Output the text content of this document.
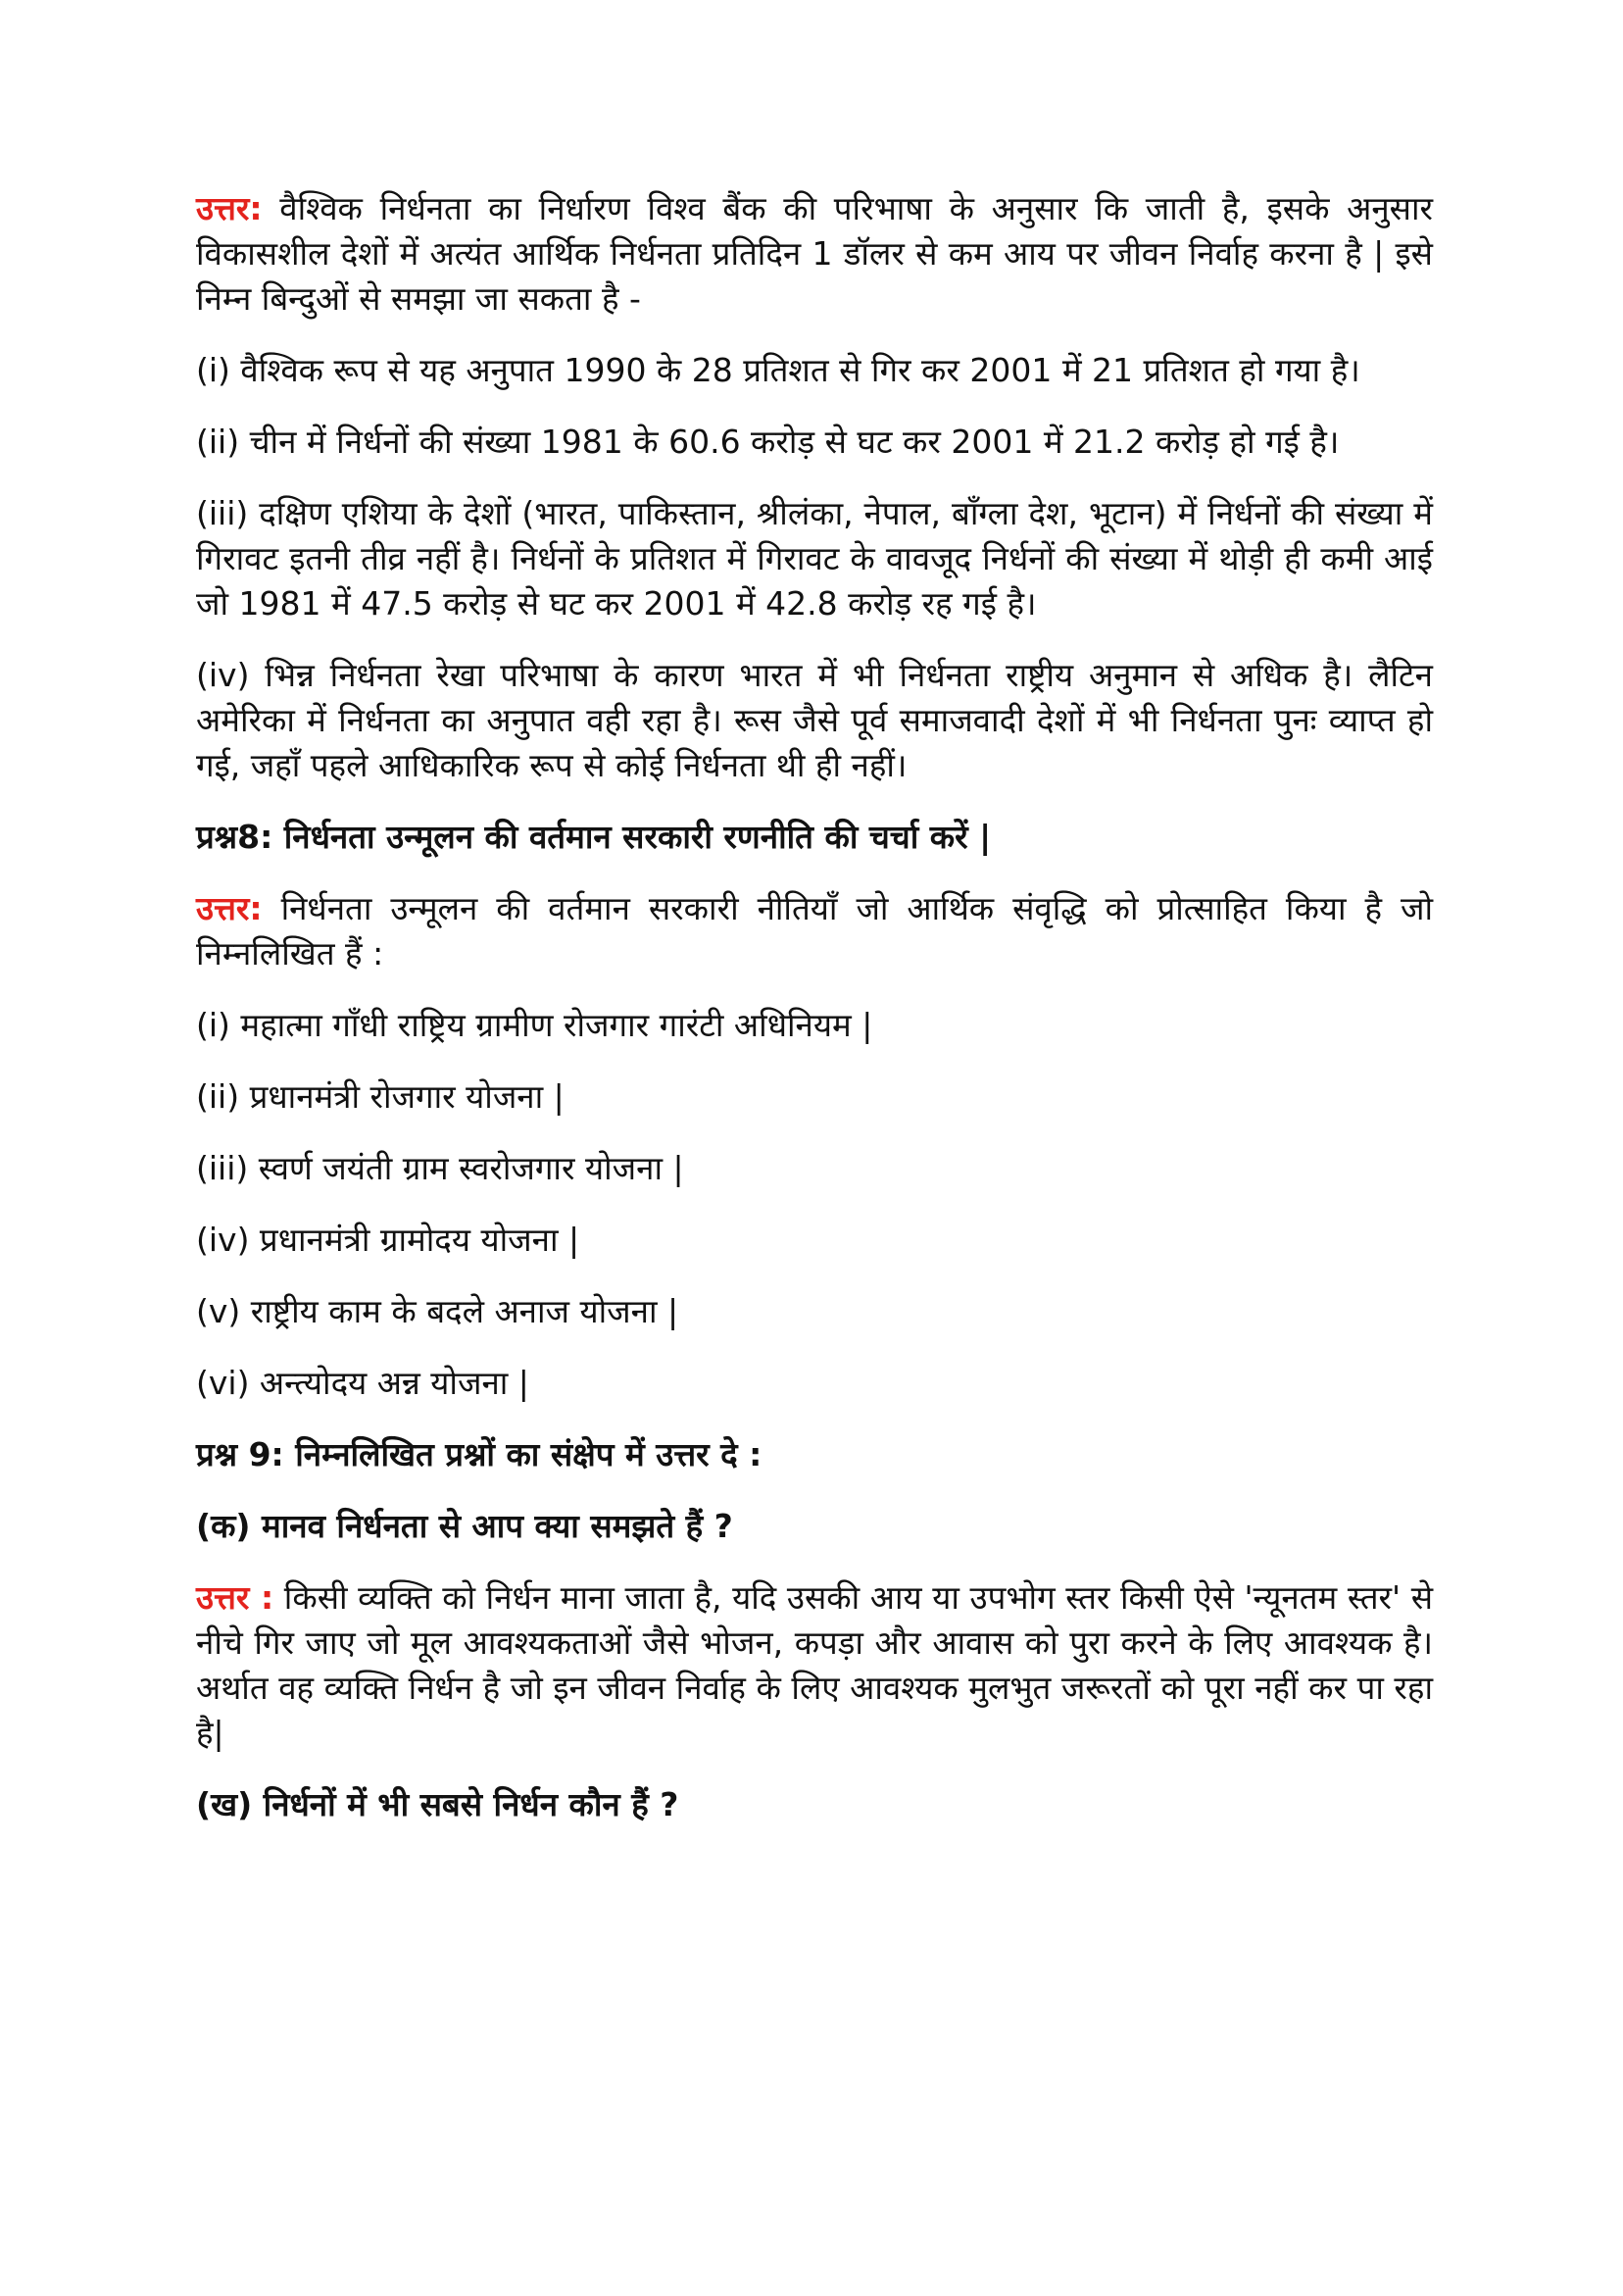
उत्तर: वैश्विक निर्धनता का निर्धारण विश्व बैंक की परिभाषा के अनुसार कि जाती है, इसके अनुसार विकासशील देशों में अत्यंत आर्थिक निर्धनता प्रतिदिन 1 डॉलर से कम आय पर जीवन निर्वाह करना है | इसे निम्न बिन्दुओं से समझा जा सकता है -

(i) वैश्विक रूप से यह अनुपात 1990 के 28 प्रतिशत से गिर कर 2001 में 21 प्रतिशत हो गया है।

(ii) चीन में निर्धनों की संख्या 1981 के 60.6 करोड़ से घट कर 2001 में 21.2 करोड़ हो गई है।

(iii) दक्षिण एशिया के देशों (भारत, पाकिस्तान, श्रीलंका, नेपाल, बाँग्ला देश, भूटान) में निर्धनों की संख्या में गिरावट इतनी तीव्र नहीं है। निर्धनों के प्रतिशत में गिरावट के वावजूद निर्धनों की संख्या में थोड़ी ही कमी आई जो 1981 में 47.5 करोड़ से घट कर 2001 में 42.8 करोड़ रह गई है।

(iv) भिन्न निर्धनता रेखा परिभाषा के कारण भारत में भी निर्धनता राष्ट्रीय अनुमान से अधिक है। लैटिन अमेरिका में निर्धनता का अनुपात वही रहा है। रूस जैसे पूर्व समाजवादी देशों में भी निर्धनता पुनः व्याप्त हो गई, जहाँ पहले आधिकारिक रूप से कोई निर्धनता थी ही नहीं।

प्रश्न8: निर्धनता उन्मूलन की वर्तमान सरकारी रणनीति की चर्चा करें |

उत्तर: निर्धनता उन्मूलन की वर्तमान सरकारी नीतियाँ जो आर्थिक संवृद्धि को प्रोत्साहित किया है जो निम्नलिखित हैं :

(i) महात्मा गाँधी राष्ट्रिय ग्रामीण रोजगार गारंटी अधिनियम |

(ii) प्रधानमंत्री रोजगार योजना |

(iii) स्वर्ण जयंती ग्राम स्वरोजगार योजना |

(iv) प्रधानमंत्री ग्रामोदय योजना |

(v) राष्ट्रीय काम के बदले अनाज योजना |

(vi) अन्त्योदय अन्न योजना |

प्रश्न 9: निम्नलिखित प्रश्नों का संक्षेप में उत्तर दे :

(क) मानव निर्धनता से आप क्या समझते हैं ?

उत्तर : किसी व्यक्ति को निर्धन माना जाता है, यदि उसकी आय या उपभोग स्तर किसी ऐसे 'न्यूनतम स्तर' से नीचे गिर जाए जो मूल आवश्यकताओं जैसे भोजन, कपड़ा और आवास को पुरा करने के लिए आवश्यक है। अर्थात वह व्यक्ति निर्धन है जो इन जीवन निर्वाह के लिए आवश्यक मुलभुत जरूरतों को पूरा नहीं कर पा रहा है|

(ख) निर्धनों में भी सबसे निर्धन कौन हैं ?
